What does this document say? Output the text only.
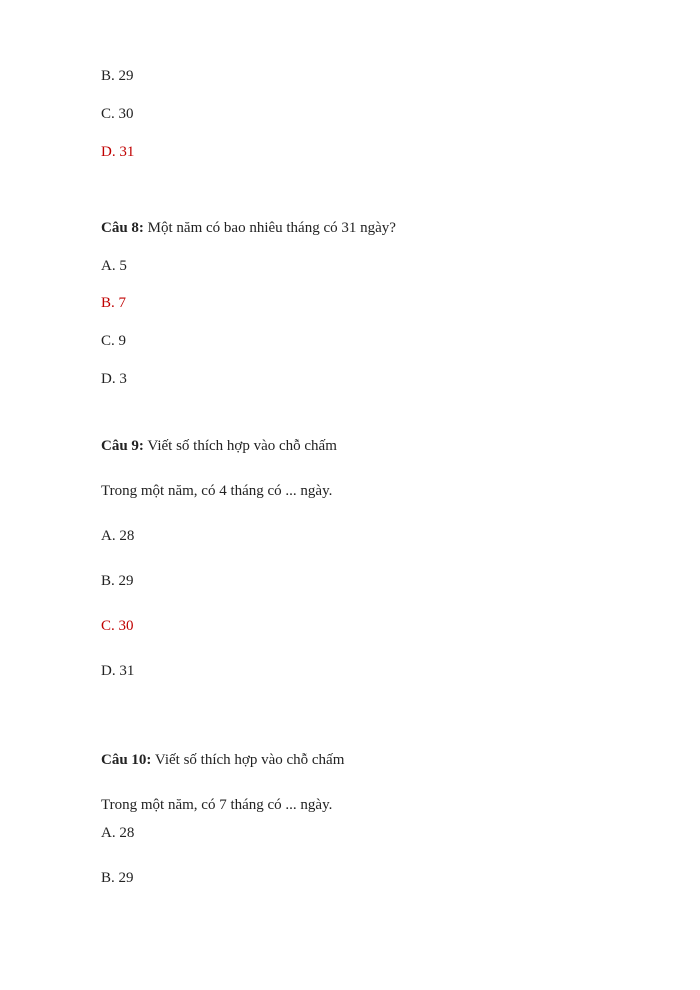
B. 29
C. 30
D. 31
Câu 8: Một năm có bao nhiêu tháng có 31 ngày?
A. 5
B. 7
C. 9
D. 3
Câu 9: Viết số thích hợp vào chỗ chấm
Trong một năm, có 4 tháng có ... ngày.
A. 28
B. 29
C. 30
D. 31
Câu 10: Viết số thích hợp vào chỗ chấm
Trong một năm, có 7 tháng có ... ngày.
A. 28
B. 29
